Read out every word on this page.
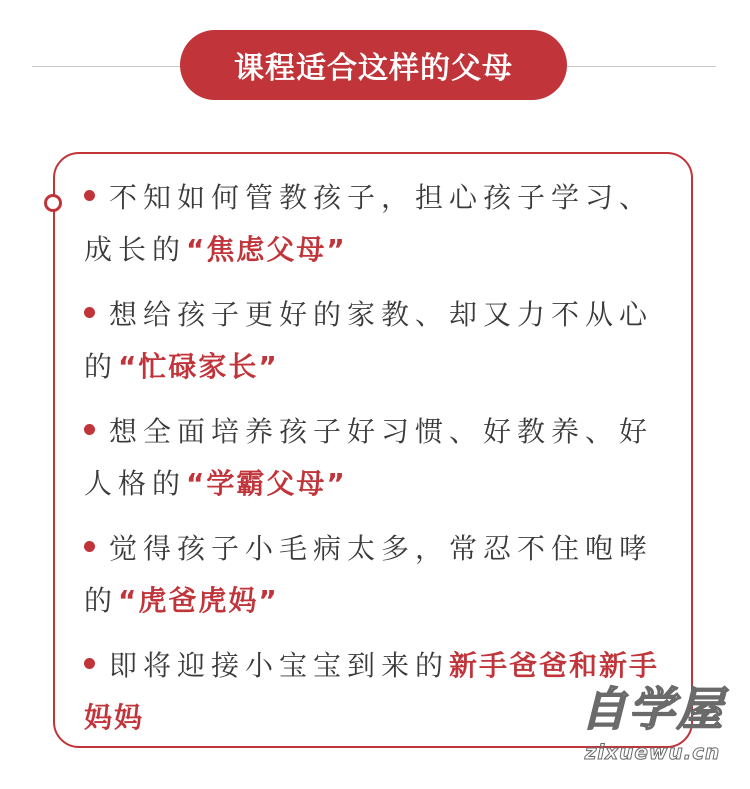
课程适合这样的父母
不知如何管教孩子，担心孩子学习、成长的“焦虑父母”
想给孩子更好的家教、却又力不从心的“忙碌家长”
想全面培养孩子好习惯、好教养、好人格的“学霸父母”
觉得孩子小毛病太多，常忍不住咆哮的“虎爸虎妈”
即将迎接小宝宝到来的新手爸爸和新手妈妈	自学屋
zixuewu.cn
